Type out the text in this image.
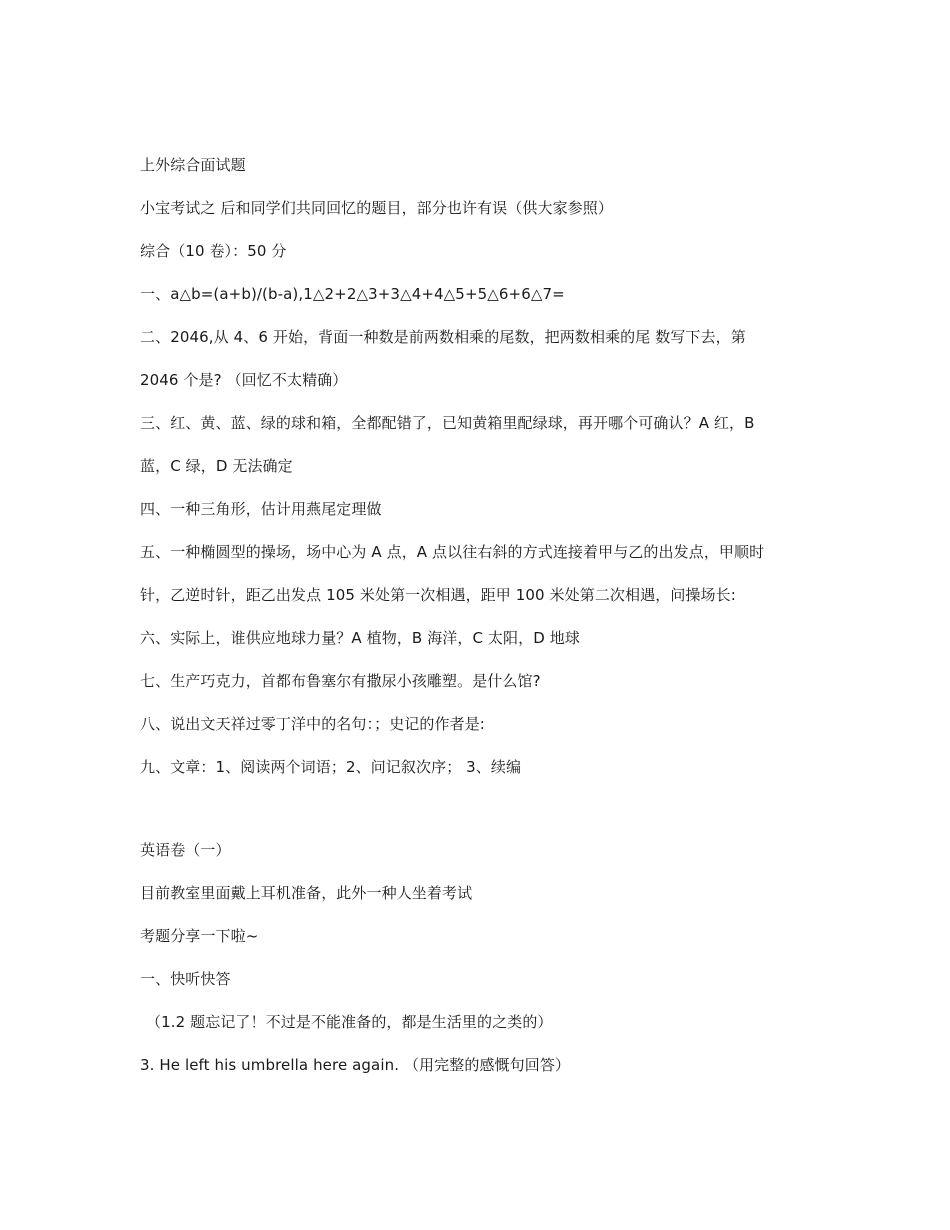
上外综合面试题
小宝考试之 后和同学们共同回忆的题目，部分也许有误（供大家参照）
综合（10 卷）：50 分
一、a△b=(a+b)/(b-a),1△2+2△3+3△4+4△5+5△6+6△7=
二、2046,从 4、6 开始，背面一种数是前两数相乘的尾数，把两数相乘的尾 数写下去，第
2046 个是? （回忆不太精确）
三、红、黄、蓝、绿的球和箱，全都配错了，已知黄箱里配绿球，再开哪个可确认？A 红，B
蓝，C 绿，D 无法确定
四、一种三角形，估计用燕尾定理做
五、一种椭圆型的操场，场中心为 A 点，A 点以往右斜的方式连接着甲与乙的出发点，甲顺时
针，乙逆时针，距乙出发点 105 米处第一次相遇，距甲 100 米处第二次相遇，问操场长:
六、实际上，谁供应地球力量？A 植物，B 海洋，C 太阳，D 地球
七、生产巧克力，首都布鲁塞尔有撒尿小孩雕塑。是什么馆?
八、说出文天祥过零丁洋中的名句：；史记的作者是:
九、文章：1、阅读两个词语；2、问记叙次序； 3、续编
英语卷（一）
目前教室里面戴上耳机准备，此外一种人坐着考试
考题分享一下啦~
一、快听快答
（1.2 题忘记了！不过是不能准备的，都是生活里的之类的）
3. He left his umbrella here again. （用完整的感慨句回答）
